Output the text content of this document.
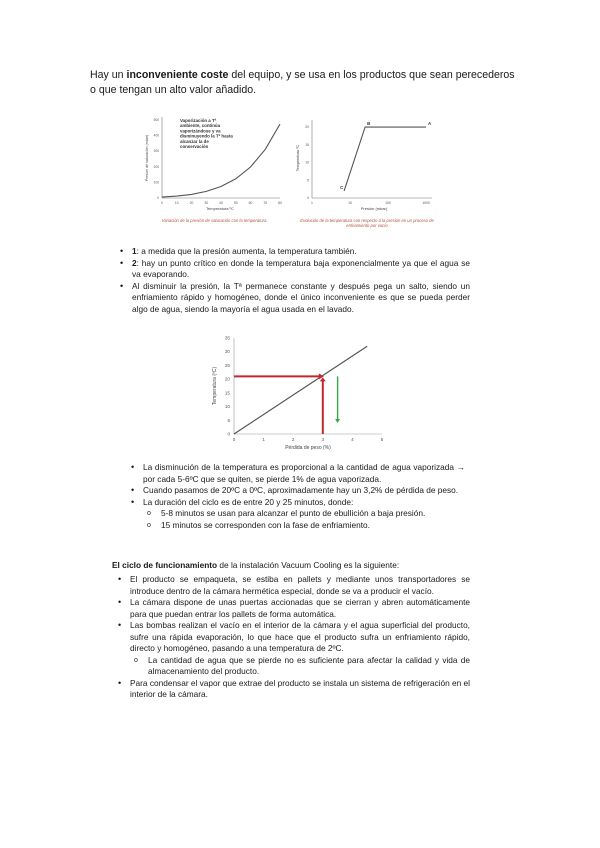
Hay un inconveniente coste del equipo, y se usa en los productos que sean perecederos o que tengan un alto valor añadido.

0
100
200
300
400
500
0	10	20	30	40	50	60	70	80
Vaporización a Tª ambiente, continúa vaporizándose y va disminuyendo la Tª hasta alcanzar la de conservación
Temperatura ºC
Presión de saturación (mbar)
Variación de la presión de saturación con la temperatura
0
5
10
15
20
1	10	100	1000
C
B	A
Presión (mbar)
Temperatura ºC
Evolución de la temperatura con respecto a la presión en un proceso de enfriamiento por vacío
• 1: a medida que la presión aumenta, la temperatura también.
• 2: hay un punto crítico en donde la temperatura baja exponencialmente ya que el agua se va evaporando.
• Al disminuir la presión, la Tª permanece constante y después pega un salto, siendo un enfriamiento rápido y homogéneo, donde el único inconveniente es que se pueda perder algo de agua, siendo la mayoría el agua usada en el lavado.
0
5
10
15
20
25
30
35
0	1	2	3	4	5
Pérdida de peso (%)
Temperatura (ºC)
• La disminución de la temperatura es proporcional a la cantidad de agua vaporizada → por cada 5-6ºC que se quiten, se pierde 1% de agua vaporizada.
• Cuando pasamos de 20ºC a 0ºC, aproximadamente hay un 3,2% de pérdida de peso.
• La duración del ciclo es de entre 20 y 25 minutos, donde:
o 5-8 minutos se usan para alcanzar el punto de ebullición a baja presión.
o 15 minutos se corresponden con la fase de enfriamiento.

El ciclo de funcionamiento de la instalación Vacuum Cooling es la siguiente:

• El producto se empaqueta, se estiba en pallets y mediante unos transportadores se introduce dentro de la cámara hermética especial, donde se va a producir el vacío.
• La cámara dispone de unas puertas accionadas que se cierran y abren automáticamente para que puedan entrar los pallets de forma automática.
• Las bombas realizan el vacío en el interior de la cámara y el agua superficial del producto, sufre una rápida evaporación, lo que hace que el producto sufra un enfriamiento rápido, directo y homogéneo, pasando a una temperatura de 2ºC.
o La cantidad de agua que se pierde no es suficiente para afectar la calidad y vida de almacenamiento del producto.
• Para condensar el vapor que extrae del producto se instala un sistema de refrigeración en el interior de la cámara.
